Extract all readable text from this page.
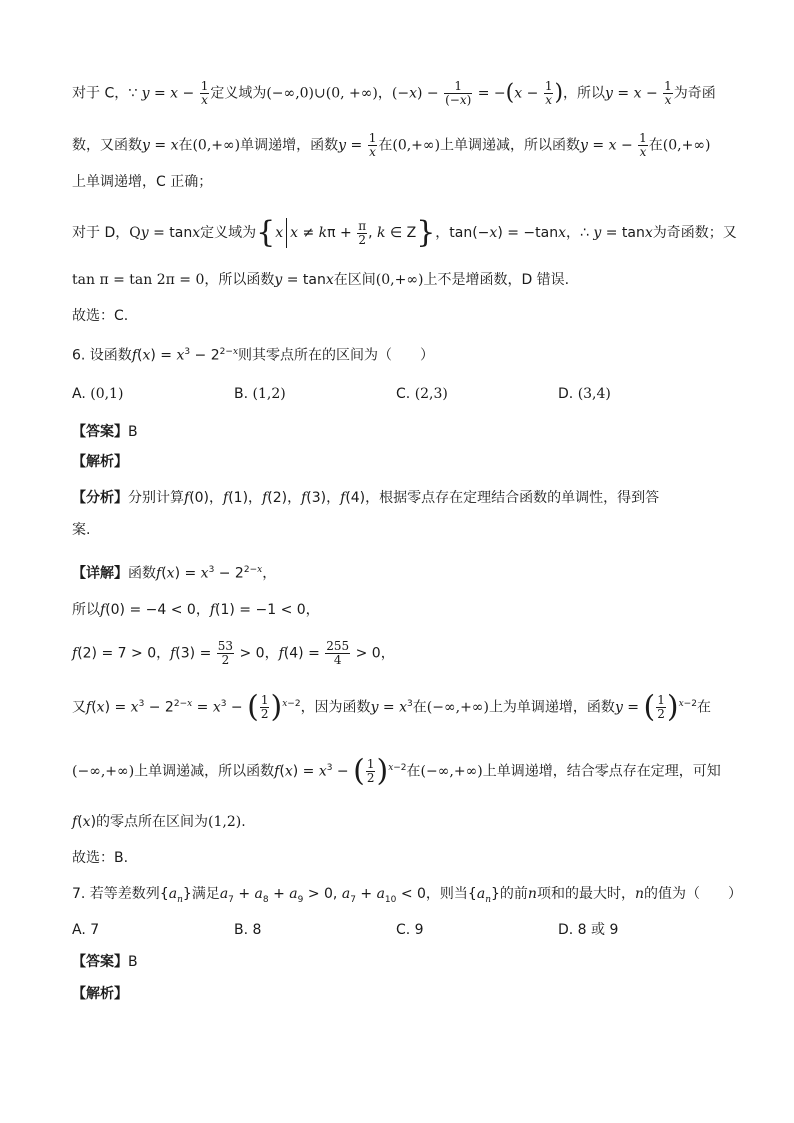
对于 C，∵ $y = x - \frac{1}{x}$ 定义域为(−∞,0)∪(0, +∞)，$(-x) - \frac{1}{(-x)} = -(x - \frac{1}{x}$ )，所以$y = x - \frac{1}{x}$ 为奇函
数，又函数y = x在(0,+∞)单调递增，函数$y = \frac{1}{x}$ 在(0,+∞)上单调递减，所以函数$y = x - \frac{1}{x}$ 在(0,+∞)
上单调递增，C 正确；
对于 D，Qy = tanx定义域为{x $x \ne k\pi + \frac{\pi}{2}$ , k ∈ Z}，tan(−x) = −tanx，∴ y = tanx为奇函数；又
tan π = tan 2π = 0，所以函数y = tanx在区间(0,+∞)上不是增函数，D 错误.
故选：C.
6. 设函数$f(x) = x^3 - 2^{2-x}$则其零点所在的区间为（　　）
A. (0,1)	B. (1,2)	C. (2,3)	D. (3,4)
【答案】B
【解析】
【分析】分别计算f(0)，f(1)，f(2)，f(3)，f(4)，根据零点存在定理结合函数的单调性，得到答
案.
【详解】函数$f(x) = x^3 - 2^{2-x}$，
所以f(0) = −4 < 0，f(1) = −1 < 0，
f(2) = 7 > 0，$f(3) = \frac{53}{2} > 0$，$f(4) = \frac{255}{4} > 0$，
又$f(x) = x^3 - 2^{2-x} = x^3$ − ( $\frac{1}{2} )^{x-2}$，因为函数$y = x^3$在(−∞,+∞)上为单调递增，函数y = ( $\frac{1}{2} )^{x-2}$在
(−∞,+∞)上单调递减，所以函数$f(x) = x^3$ − ( $\frac{1}{2} )^{x-2}$在(−∞,+∞)上单调递增，结合零点存在定理，可知
f(x)的零点所在区间为(1,2).
故选：B.
7. 若等差数列$\{a_n\}$满足$a_7 + a_8 + a_9 > 0$, $a_7 + a_{10} < 0$，则当$\{a_n\}$的前n项和的最大时，n的值为（　　）
A. 7	B. 8	C. 9	D. 8 或 9
【答案】B
【解析】
